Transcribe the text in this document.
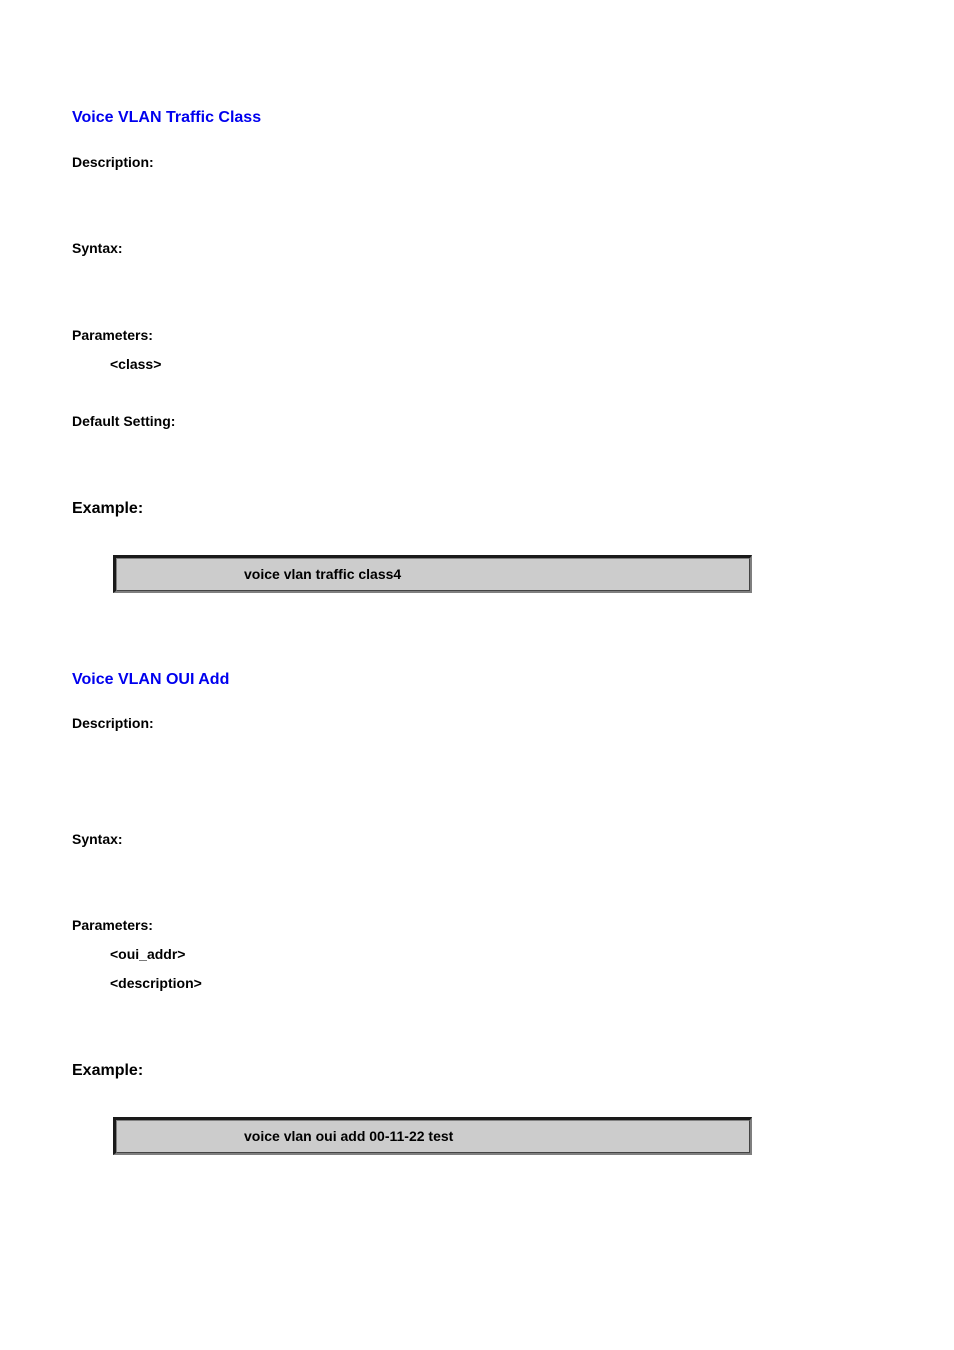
Voice VLAN Traffic Class
Description:
Syntax:
Parameters:
<class>
Default Setting:
Example:
voice vlan traffic class4
Voice VLAN OUI Add
Description:
Syntax:
Parameters:
<oui_addr>
<description>
Example:
voice vlan oui add 00-11-22 test
